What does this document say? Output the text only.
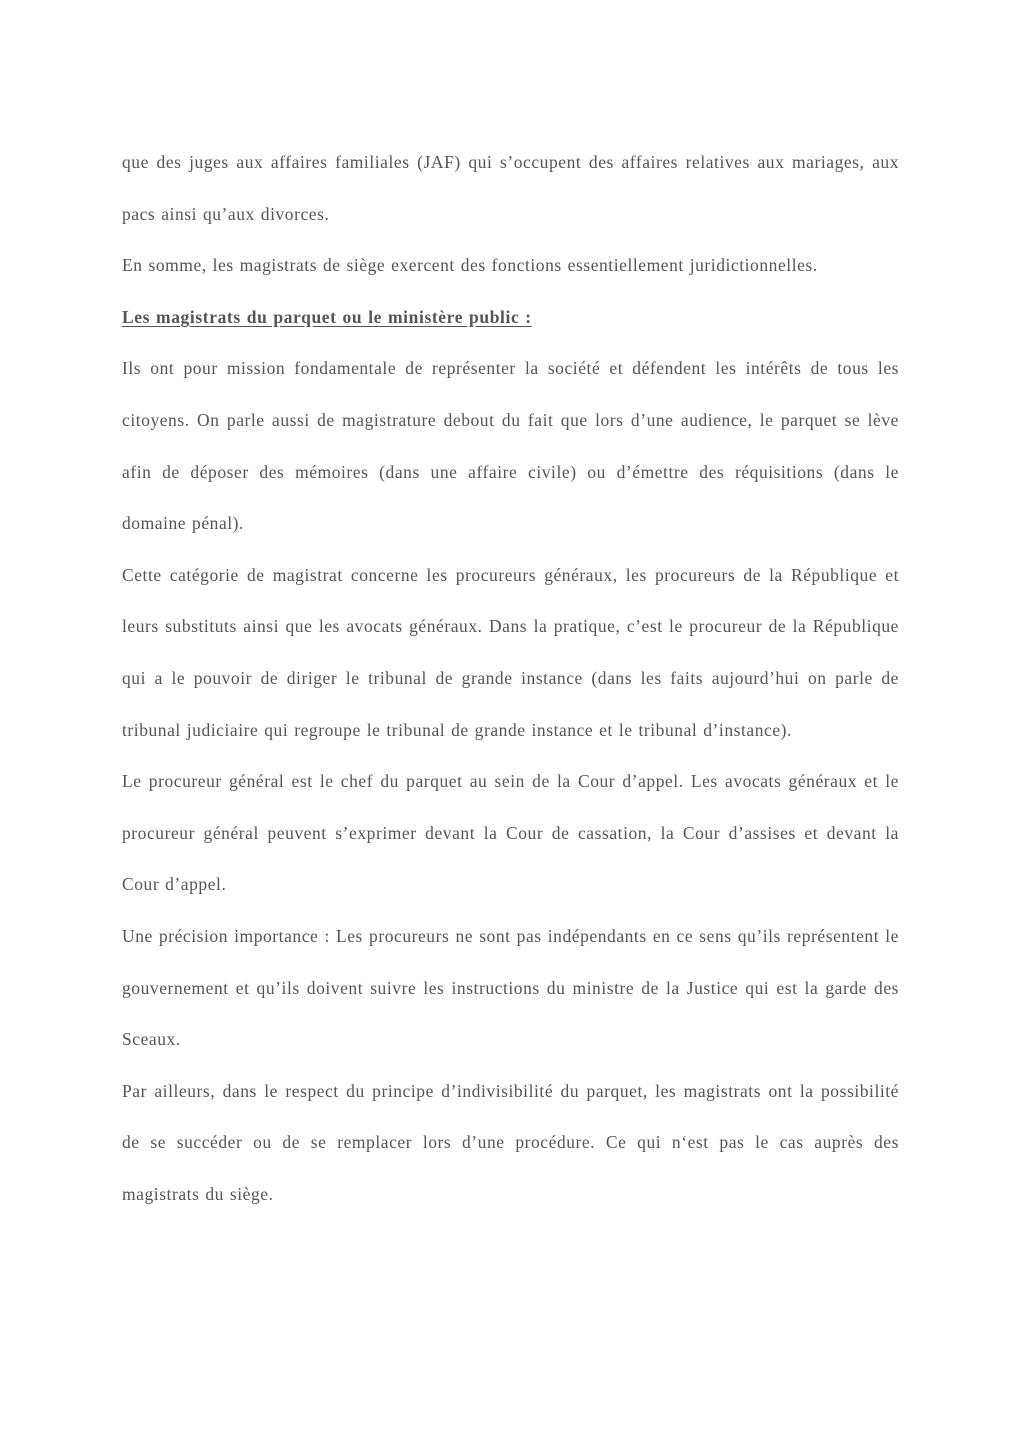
que des juges aux affaires familiales (JAF) qui s’occupent des affaires relatives aux mariages, aux pacs ainsi qu’aux divorces.

En somme, les magistrats de siège exercent des fonctions essentiellement juridictionnelles.

Les magistrats du parquet ou le ministère public :

Ils ont pour mission fondamentale de représenter la société et défendent les intérêts de tous les citoyens. On parle aussi de magistrature debout du fait que lors d’une audience, le parquet se lève afin de déposer des mémoires (dans une affaire civile) ou d’émettre des réquisitions (dans le domaine pénal).

Cette catégorie de magistrat concerne les procureurs généraux, les procureurs de la République et leurs substituts ainsi que les avocats généraux. Dans la pratique, c’est le procureur de la République qui a le pouvoir de diriger le tribunal de grande instance (dans les faits aujourd’hui on parle de tribunal judiciaire qui regroupe le tribunal de grande instance et le tribunal d’instance).

Le procureur général est le chef du parquet au sein de la Cour d’appel. Les avocats généraux et le procureur général peuvent s’exprimer devant la Cour de cassation, la Cour d’assises et devant la Cour d’appel.

Une précision importance : Les procureurs ne sont pas indépendants en ce sens qu’ils représentent le gouvernement et qu’ils doivent suivre les instructions du ministre de la Justice qui est la garde des Sceaux.

Par ailleurs, dans le respect du principe d’indivisibilité du parquet, les magistrats ont la possibilité de se succéder ou de se remplacer lors d’une procédure. Ce qui n‘est pas le cas auprès des magistrats du siège.
